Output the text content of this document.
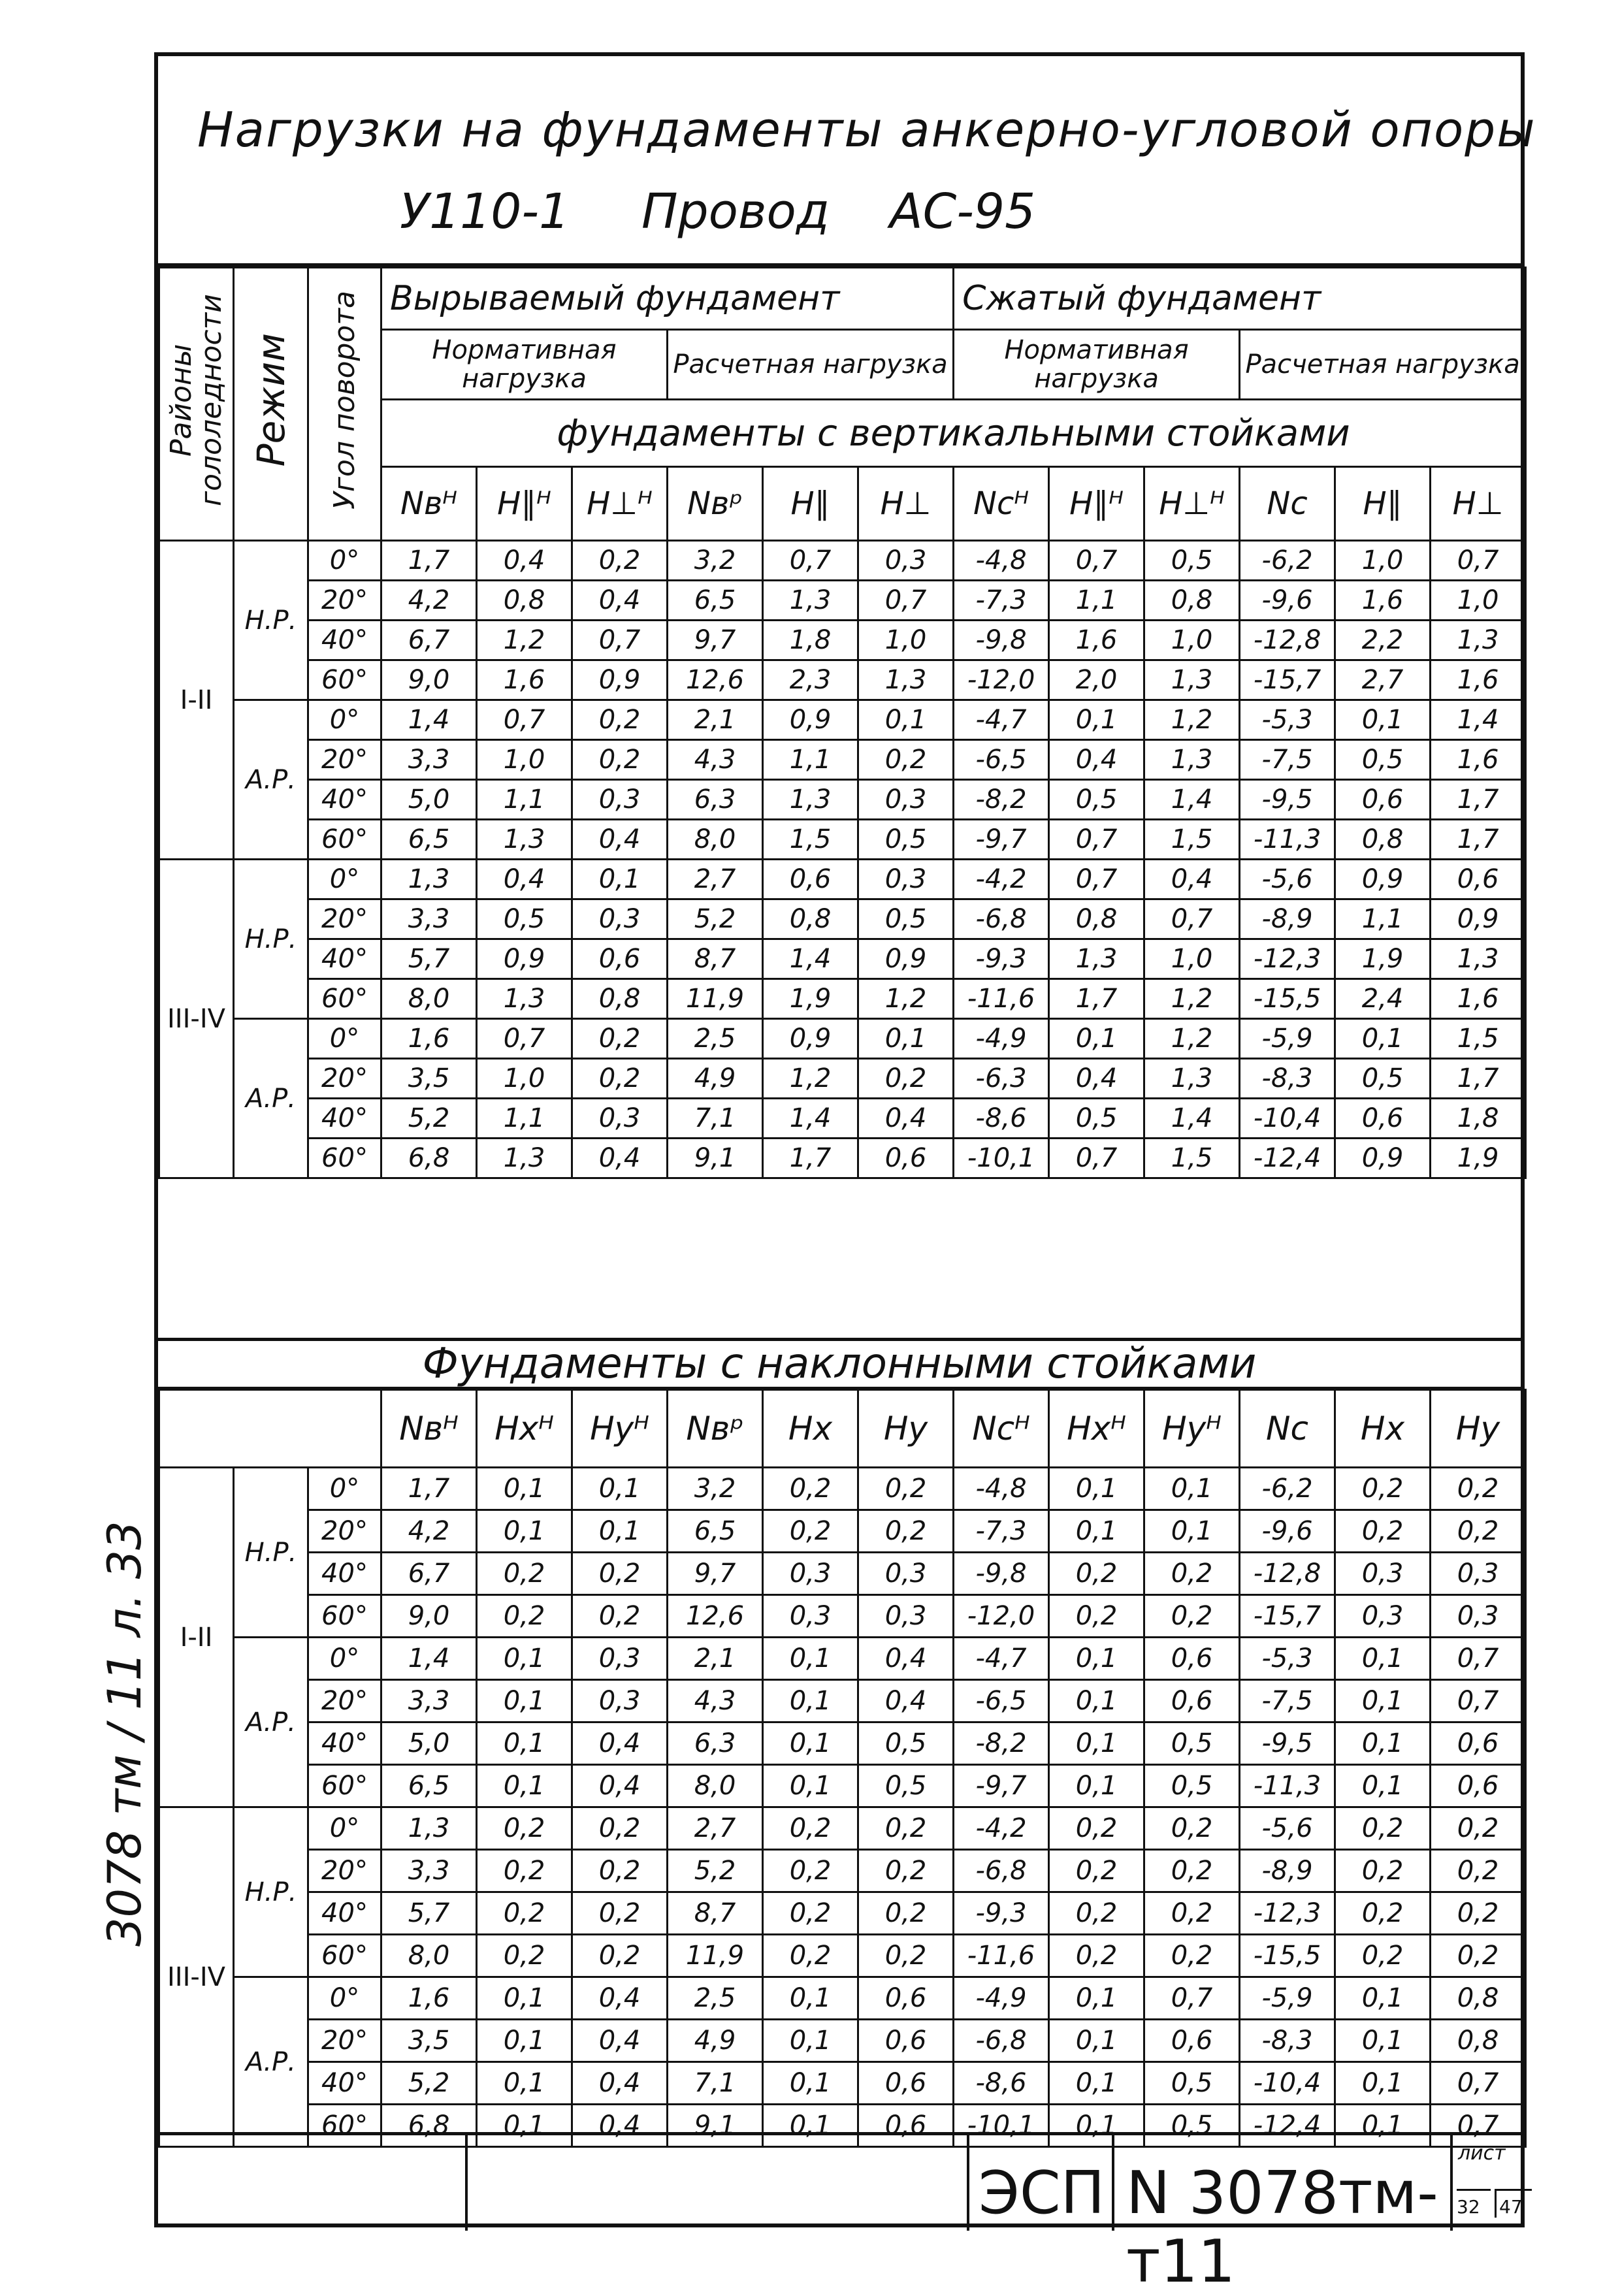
Нагрузки на фундаменты анкерно-угловой опоры
У110-1 Провод АС-95
Районы гололедности	Режим	Угол поворота	Вырываемый фундамент						Сжатый фундамент					
			Нормативная нагрузка			Расчетная нагрузка			Нормативная нагрузка			Расчетная нагрузка		
			фундаменты с вертикальными стойками											
			Nвᴴ	H∥ᴴ	H⊥ᴴ	Nвᵖ	H∥	H⊥	Ncᴴ	H∥ᴴ	H⊥ᴴ	Nc	H∥	H⊥
I-II	Н.Р.	0°	1,7	0,4	0,2	3,2	0,7	0,3	-4,8	0,7	0,5	-6,2	1,0	0,7
		20°	4,2	0,8	0,4	6,5	1,3	0,7	-7,3	1,1	0,8	-9,6	1,6	1,0
		40°	6,7	1,2	0,7	9,7	1,8	1,0	-9,8	1,6	1,0	-12,8	2,2	1,3
		60°	9,0	1,6	0,9	12,6	2,3	1,3	-12,0	2,0	1,3	-15,7	2,7	1,6
	А.Р.	0°	1,4	0,7	0,2	2,1	0,9	0,1	-4,7	0,1	1,2	-5,3	0,1	1,4
		20°	3,3	1,0	0,2	4,3	1,1	0,2	-6,5	0,4	1,3	-7,5	0,5	1,6
		40°	5,0	1,1	0,3	6,3	1,3	0,3	-8,2	0,5	1,4	-9,5	0,6	1,7
		60°	6,5	1,3	0,4	8,0	1,5	0,5	-9,7	0,7	1,5	-11,3	0,8	1,7
III-IV	Н.Р.	0°	1,3	0,4	0,1	2,7	0,6	0,3	-4,2	0,7	0,4	-5,6	0,9	0,6
		20°	3,3	0,5	0,3	5,2	0,8	0,5	-6,8	0,8	0,7	-8,9	1,1	0,9
		40°	5,7	0,9	0,6	8,7	1,4	0,9	-9,3	1,3	1,0	-12,3	1,9	1,3
		60°	8,0	1,3	0,8	11,9	1,9	1,2	-11,6	1,7	1,2	-15,5	2,4	1,6
	А.Р.	0°	1,6	0,7	0,2	2,5	0,9	0,1	-4,9	0,1	1,2	-5,9	0,1	1,5
		20°	3,5	1,0	0,2	4,9	1,2	0,2	-6,3	0,4	1,3	-8,3	0,5	1,7
		40°	5,2	1,1	0,3	7,1	1,4	0,4	-8,6	0,5	1,4	-10,4	0,6	1,8
		60°	6,8	1,3	0,4	9,1	1,7	0,6	-10,1	0,7	1,5	-12,4	0,9	1,9
Фундаменты с наклонными стойками
			Nвᴴ	Hxᴴ	Hyᴴ	Nвᵖ	Hx	Hy	Ncᴴ	Hxᴴ	Hyᴴ	Nc	Hx	Hy
I-II	Н.Р.	0°	1,7	0,1	0,1	3,2	0,2	0,2	-4,8	0,1	0,1	-6,2	0,2	0,2
		20°	4,2	0,1	0,1	6,5	0,2	0,2	-7,3	0,1	0,1	-9,6	0,2	0,2
		40°	6,7	0,2	0,2	9,7	0,3	0,3	-9,8	0,2	0,2	-12,8	0,3	0,3
		60°	9,0	0,2	0,2	12,6	0,3	0,3	-12,0	0,2	0,2	-15,7	0,3	0,3
	А.Р.	0°	1,4	0,1	0,3	2,1	0,1	0,4	-4,7	0,1	0,6	-5,3	0,1	0,7
		20°	3,3	0,1	0,3	4,3	0,1	0,4	-6,5	0,1	0,6	-7,5	0,1	0,7
		40°	5,0	0,1	0,4	6,3	0,1	0,5	-8,2	0,1	0,5	-9,5	0,1	0,6
		60°	6,5	0,1	0,4	8,0	0,1	0,5	-9,7	0,1	0,5	-11,3	0,1	0,6
III-IV	Н.Р.	0°	1,3	0,2	0,2	2,7	0,2	0,2	-4,2	0,2	0,2	-5,6	0,2	0,2
		20°	3,3	0,2	0,2	5,2	0,2	0,2	-6,8	0,2	0,2	-8,9	0,2	0,2
		40°	5,7	0,2	0,2	8,7	0,2	0,2	-9,3	0,2	0,2	-12,3	0,2	0,2
		60°	8,0	0,2	0,2	11,9	0,2	0,2	-11,6	0,2	0,2	-15,5	0,2	0,2
	А.Р.	0°	1,6	0,1	0,4	2,5	0,1	0,6	-4,9	0,1	0,7	-5,9	0,1	0,8
		20°	3,5	0,1	0,4	4,9	0,1	0,6	-6,8	0,1	0,6	-8,3	0,1	0,8
		40°	5,2	0,1	0,4	7,1	0,1	0,6	-8,6	0,1	0,5	-10,4	0,1	0,7
		60°	6,8	0,1	0,4	9,1	0,1	0,6	-10,1	0,1	0,5	-12,4	0,1	0,7
ЭСП N 3078тм-т11
лист
32	47
3078 тм / 11 л. 33
